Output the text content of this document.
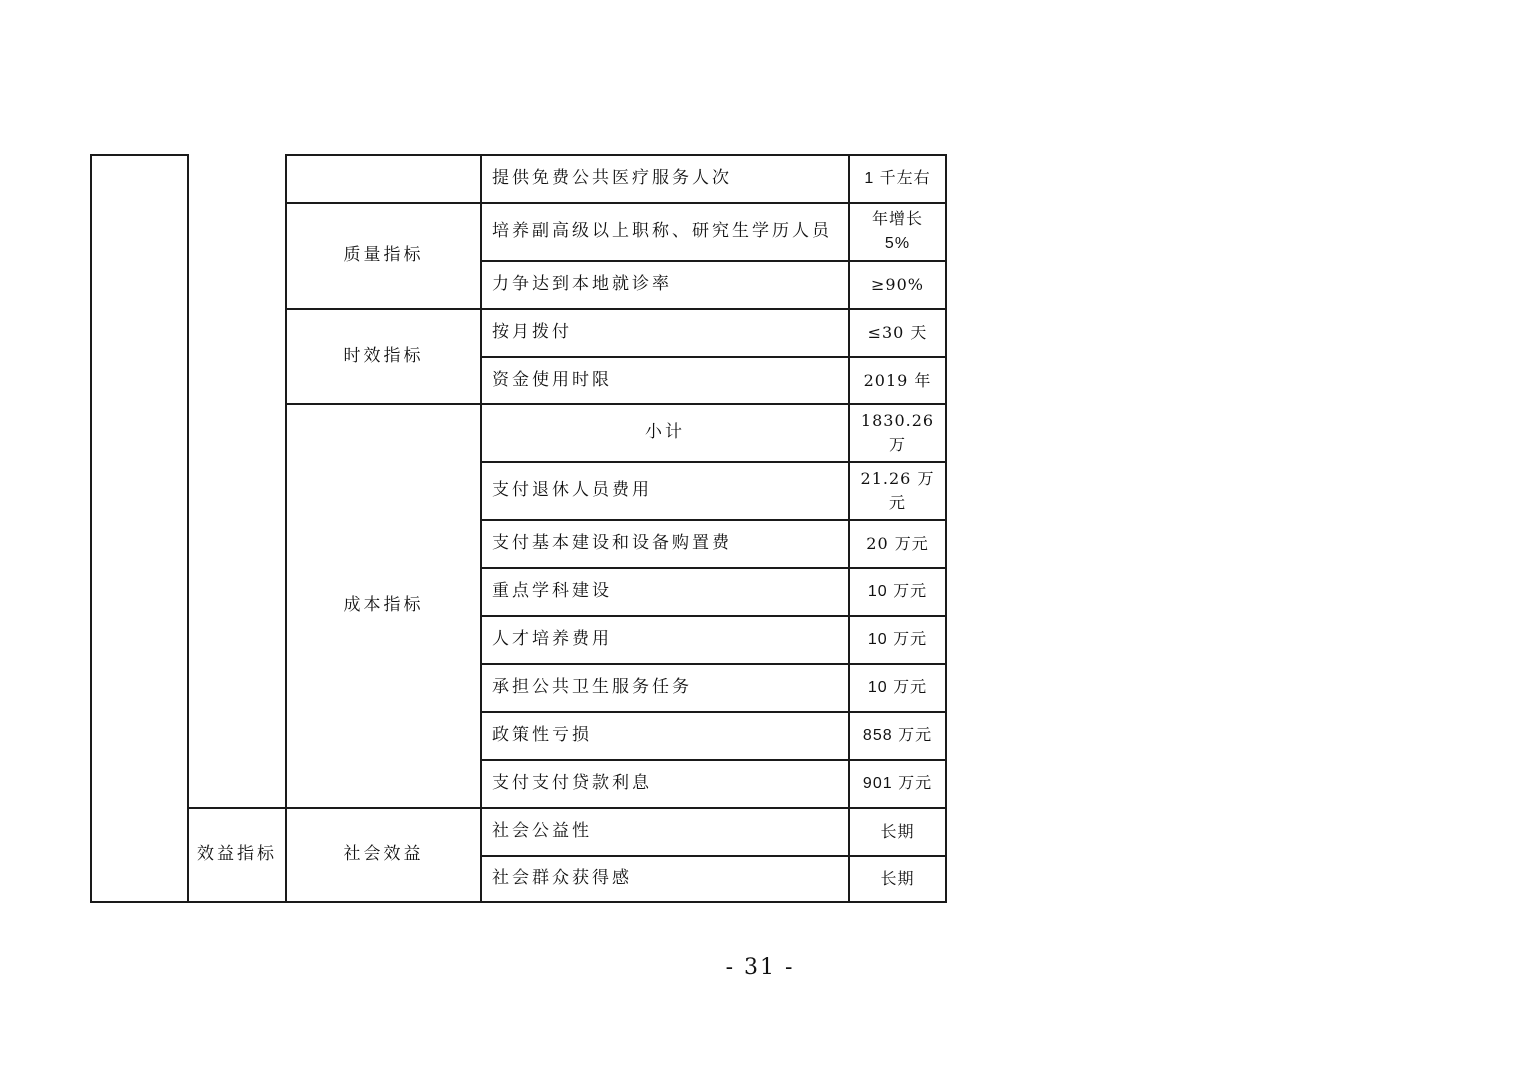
效益指标
质量指标
时效指标
成本指标
社会效益
提供免费公共医疗服务人次
培养副高级以上职称、研究生学历人员
力争达到本地就诊率
按月拨付
资金使用时限
小计
支付退休人员费用
支付基本建设和设备购置费
重点学科建设
人才培养费用
承担公共卫生服务任务
政策性亏损
支付支付贷款利息
社会公益性
社会群众获得感
1 千左右
年增长
5%
≥90%
≤30 天
2019 年
1830.26
万
21.26 万
元
20 万元
10 万元
10 万元
10 万元
858 万元
901 万元
长期
长期
- 31 -
